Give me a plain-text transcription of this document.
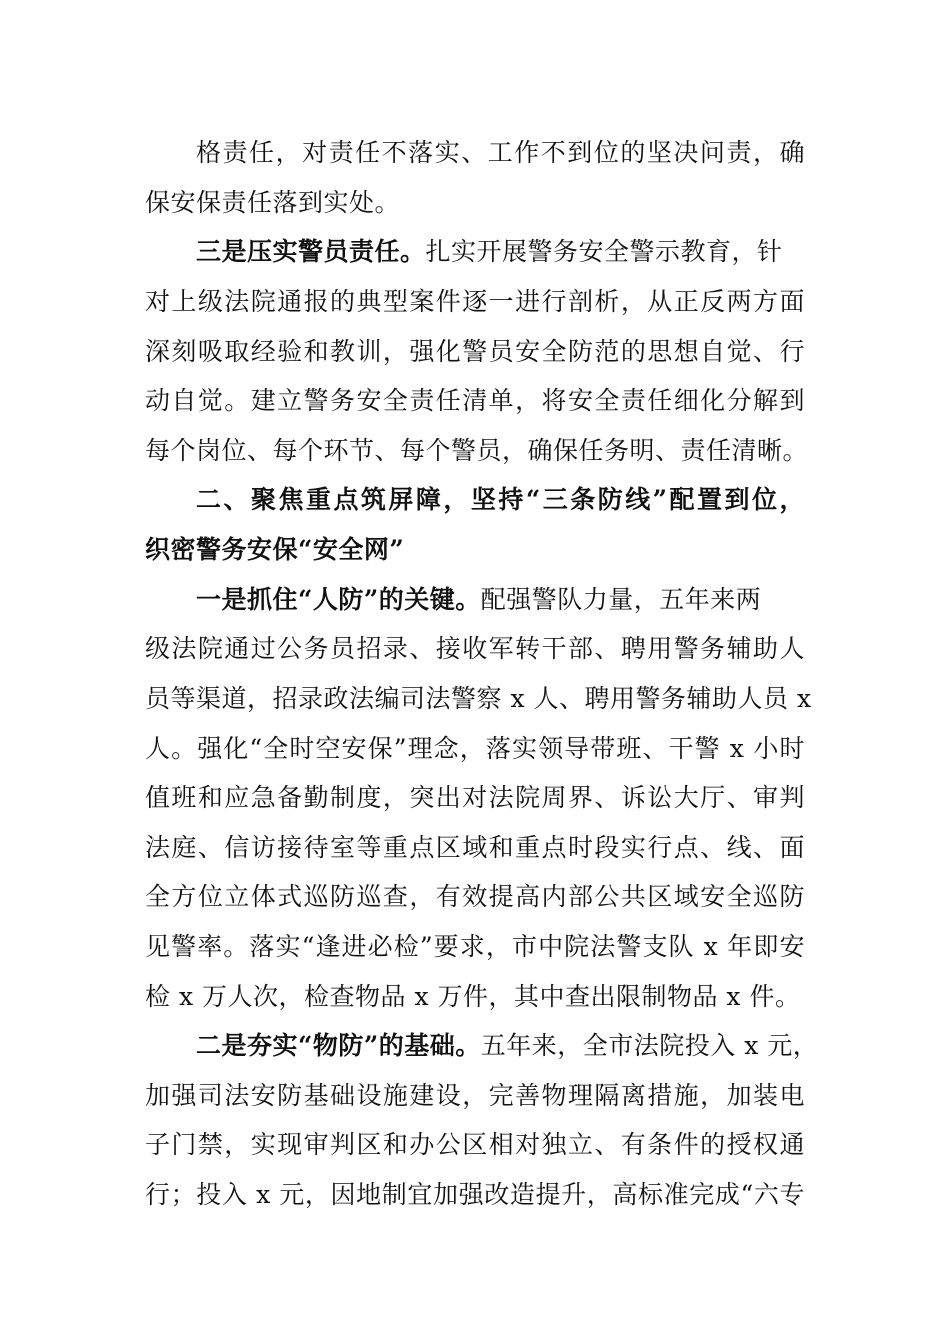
格责任，对责任不落实、工作不到位的坚决问责，确
保安保责任落到实处。
三是压实警员责任。扎实开展警务安全警示教育，针
对上级法院通报的典型案件逐一进行剖析，从正反两方面
深刻吸取经验和教训，强化警员安全防范的思想自觉、行
动自觉。建立警务安全责任清单，将安全责任细化分解到
每个岗位、每个环节、每个警员，确保任务明、责任清晰。
二、聚焦重点筑屏障，坚持“三条防线”配置到位，
织密警务安保“安全网”
一是抓住“人防”的关键。配强警队力量，五年来两
级法院通过公务员招录、接收军转干部、聘用警务辅助人
员等渠道，招录政法编司法警察 x 人、聘用警务辅助人员 x
人。强化“全时空安保”理念，落实领导带班、干警 x 小时
值班和应急备勤制度，突出对法院周界、诉讼大厅、审判
法庭、信访接待室等重点区域和重点时段实行点、线、面
全方位立体式巡防巡查，有效提高内部公共区域安全巡防
见警率。落实“逢进必检”要求，市中院法警支队 x 年即安
检 x 万人次，检查物品 x 万件，其中查出限制物品 x 件。
二是夯实“物防”的基础。五年来，全市法院投入 x 元，
加强司法安防基础设施建设，完善物理隔离措施，加装电
子门禁，实现审判区和办公区相对独立、有条件的授权通
行；投入 x 元，因地制宜加强改造提升，高标准完成“六专
